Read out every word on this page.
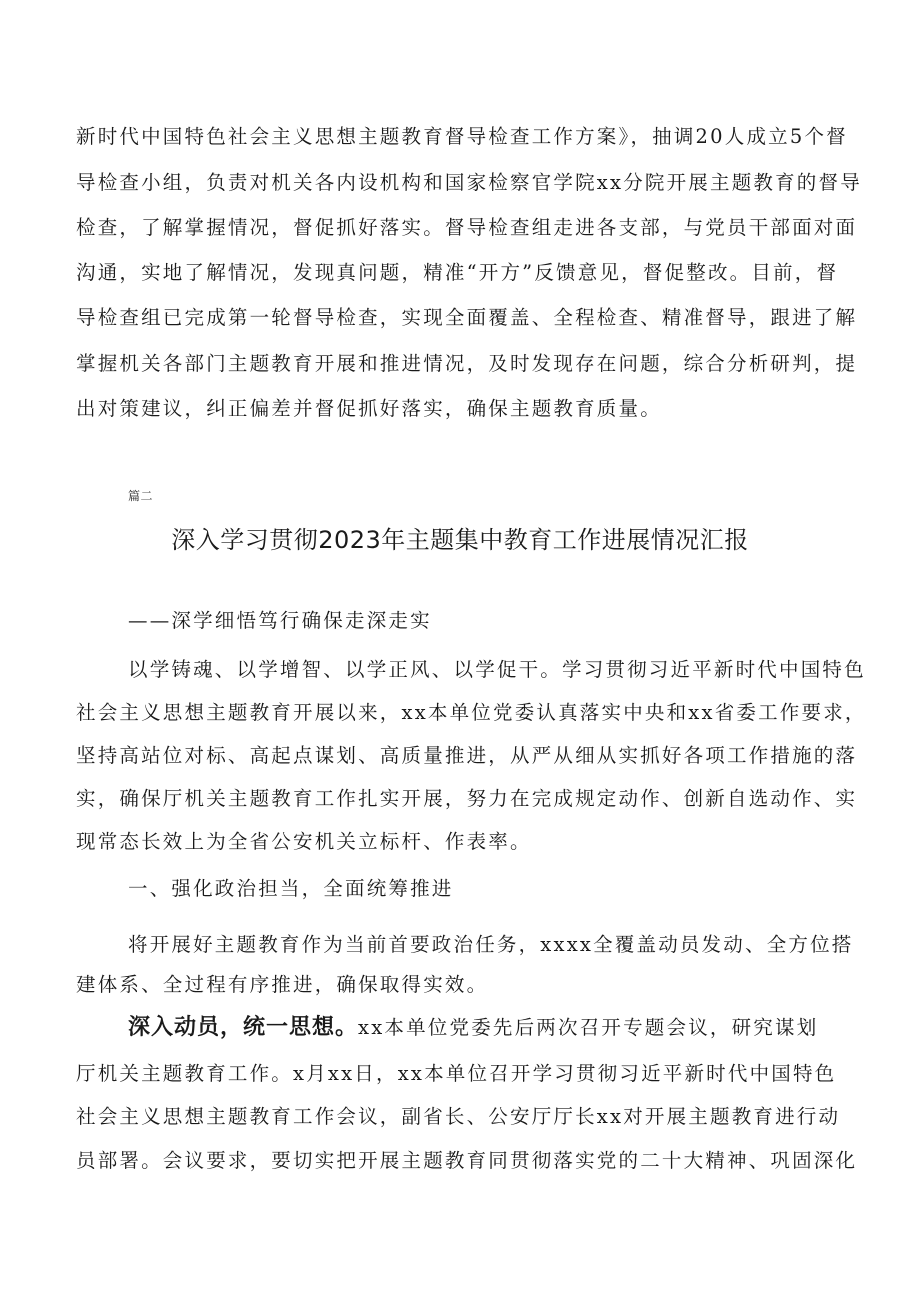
新时代中国特色社会主义思想主题教育督导检查工作方案》，抽调20人成立5个督
导检查小组，负责对机关各内设机构和国家检察官学院xx分院开展主题教育的督导
检查，了解掌握情况，督促抓好落实。督导检查组走进各支部，与党员干部面对面
沟通，实地了解情况，发现真问题，精准“开方”反馈意见，督促整改。目前，督
导检查组已完成第一轮督导检查，实现全面覆盖、全程检查、精准督导，跟进了解
掌握机关各部门主题教育开展和推进情况，及时发现存在问题，综合分析研判，提
出对策建议，纠正偏差并督促抓好落实，确保主题教育质量。
篇二
深入学习贯彻2023年主题集中教育工作进展情况汇报
——深学细悟笃行确保走深走实
以学铸魂、以学增智、以学正风、以学促干。学习贯彻习近平新时代中国特色
社会主义思想主题教育开展以来，xx本单位党委认真落实中央和xx省委工作要求，
坚持高站位对标、高起点谋划、高质量推进，从严从细从实抓好各项工作措施的落
实，确保厅机关主题教育工作扎实开展，努力在完成规定动作、创新自选动作、实
现常态长效上为全省公安机关立标杆、作表率。
一、强化政治担当，全面统筹推进
将开展好主题教育作为当前首要政治任务，xxxx全覆盖动员发动、全方位搭
建体系、全过程有序推进，确保取得实效。
深入动员，统一思想。xx本单位党委先后两次召开专题会议，研究谋划
厅机关主题教育工作。x月xx日，xx本单位召开学习贯彻习近平新时代中国特色
社会主义思想主题教育工作会议，副省长、公安厅厅长xx对开展主题教育进行动
员部署。会议要求，要切实把开展主题教育同贯彻落实党的二十大精神、巩固深化
